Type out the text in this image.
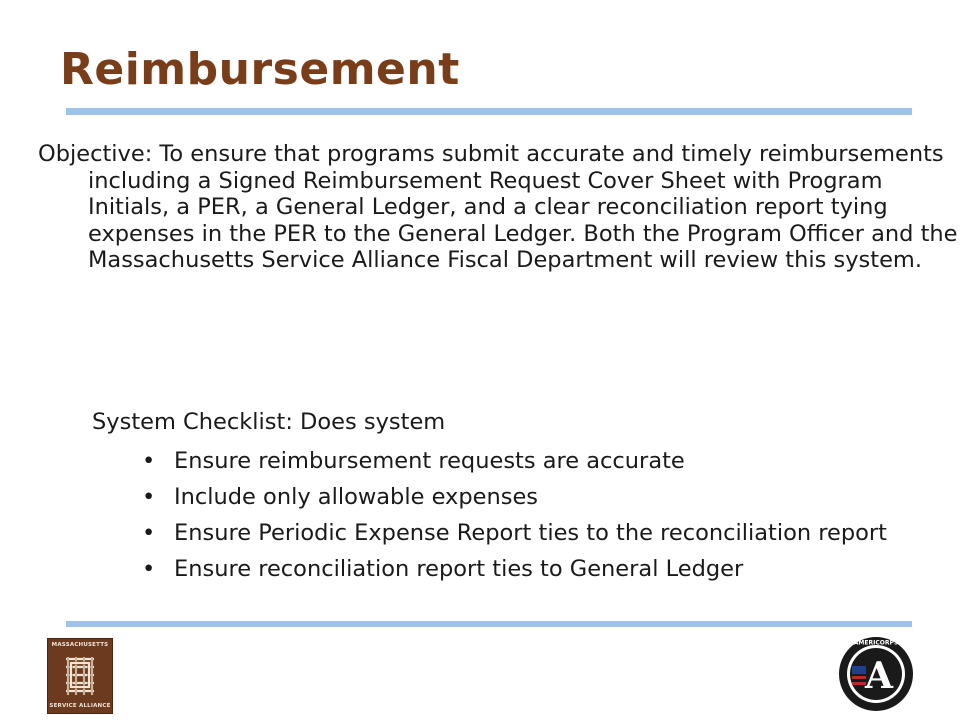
Reimbursement
Objective: To ensure that programs submit accurate and timely reimbursements including a Signed Reimbursement Request Cover Sheet with Program Initials, a PER, a General Ledger, and a clear reconciliation report tying expenses in the PER to the General Ledger. Both the Program Officer and the Massachusetts Service Alliance Fiscal Department will review this system.
System Checklist: Does system
• Ensure reimbursement requests are accurate
• Include only allowable expenses
• Ensure Periodic Expense Report ties to the reconciliation report
• Ensure reconciliation report ties to General Ledger
MASSACHUSETTS
SERVICE ALLIANCE
A
AMERICORPS
